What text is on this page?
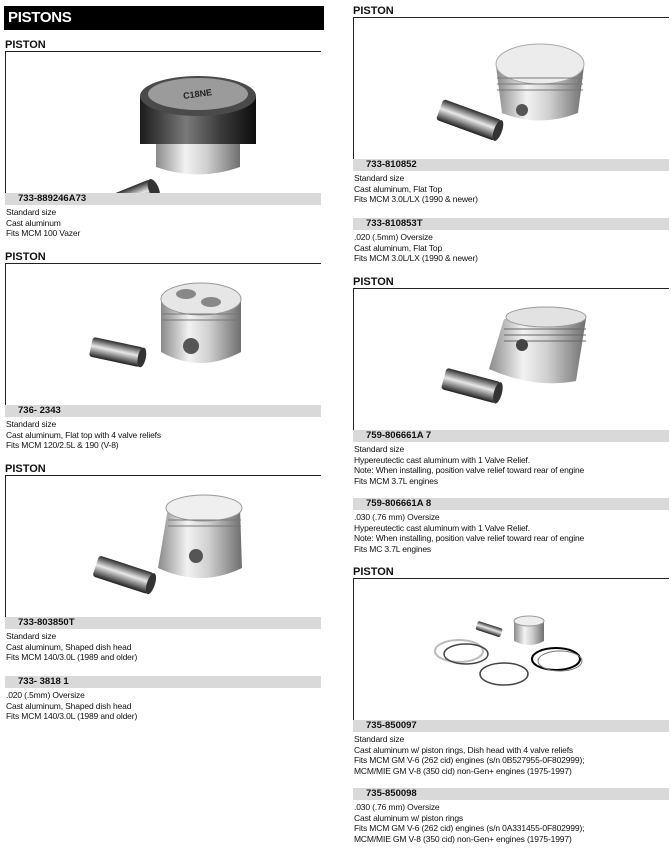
PISTONS
PISTON
C18NE
733-889246A73
Standard size
Cast aluminum
Fits MCM 100 Vazer
PISTON
736- 2343
Standard size
Cast aluminum, Flat top with 4 valve reliefs
Fits MCM 120/2.5L & 190 (V-8)
PISTON
733-803850T
Standard size
Cast aluminum, Shaped dish head
Fits MCM 140/3.0L (1989 and older)
733- 3818 1
.020 (.5mm) Oversize
Cast aluminum, Shaped dish head
Fits MCM 140/3.0L (1989 and older)
PISTON
733-810852
Standard size
Cast aluminum, Flat Top
Fits MCM 3.0L/LX (1990 & newer)
733-810853T
.020 (.5mm) Oversize
Cast aluminum, Flat Top
Fits MCM 3.0L/LX (1990 & newer)
PISTON
759-806661A 7
Standard size
Hypereutectic cast aluminum with 1 Valve Relief.
Note: When installing, position valve relief toward rear of engine
Fits MCM 3.7L engines
759-806661A 8
.030 (.76 mm) Oversize
Hypereutectic cast aluminum with 1 Valve Relief.
Note: When installing, position valve relief toward rear of engine
Fits MC 3.7L engines
PISTON
735-850097
Standard size
Cast aluminum w/ piston rings, Dish head with 4 valve reliefs
Fits MCM GM V-6 (262 cid) engines (s/n 0B527955-0F802999);
MCM/MIE GM V-8 (350 cid) non-Gen+ engines (1975-1997)
735-850098
.030 (.76 mm) Oversize
Cast aluminum w/ piston rings
Fits MCM GM V-6 (262 cid) engines (s/n 0A331455-0F802999);
MCM/MIE GM V-8 (350 cid) non-Gen+ engines (1975-1997)
